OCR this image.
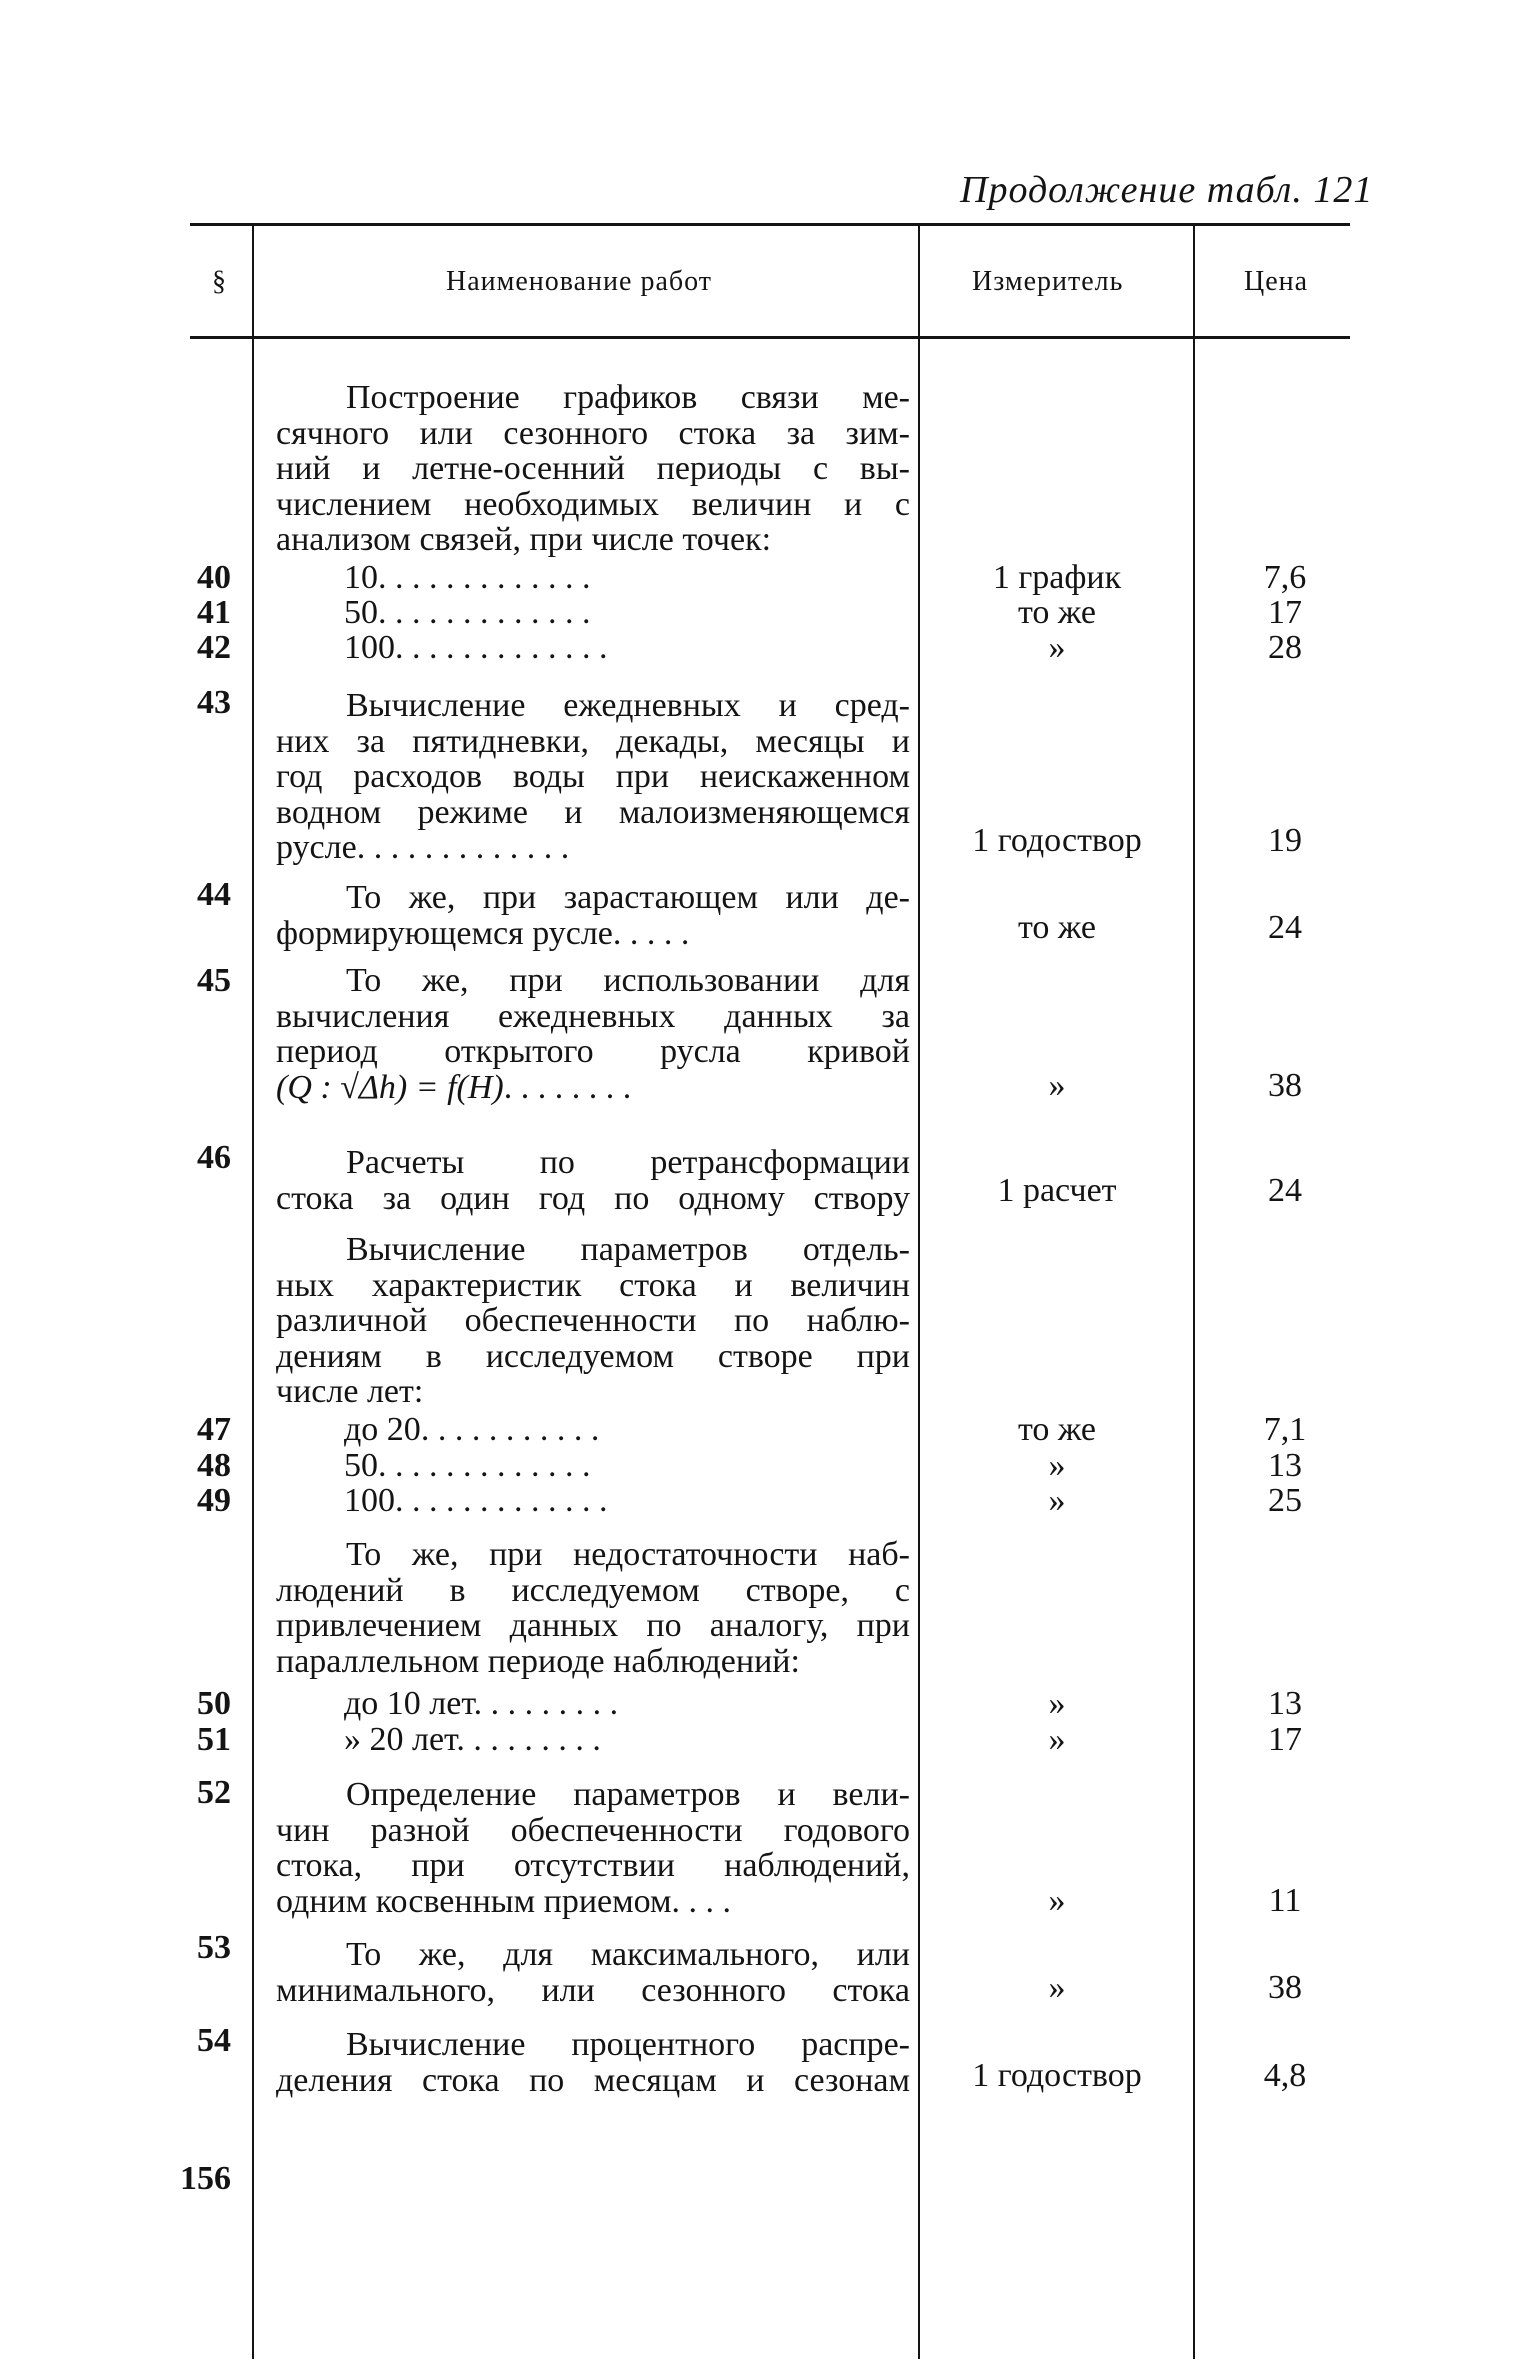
Продолжение табл. 121
§	Наименование работ	Измеритель	Цена
Построение графиков связи ме-
сячного или сезонного стока за зим-
ний и летне-осенний периоды с вы-
числением необходимых величин и с
анализом связей, при числе точек:
40	10. . . . . . . . . . . . .	1 график	7,6
41	50. . . . . . . . . . . . .	то же	17
42	100. . . . . . . . . . . . .	»	28
43	Вычисление ежедневных и сред-
них за пятидневки, декады, месяцы и
год расходов воды при неискаженном
водном режиме и малоизменяющемся
русле. . . . . . . . . . . . .	1 годоствор	19
44	То же, при зарастающем или де-
формирующемся русле. . . . .	то же	24
45	То же, при использовании для
вычисления ежедневных данных за
период открытого русла кривой
(Q : √Δh) = f(H). . . . . . . .	»	38
46	Расчеты по ретрансформации
стока за один год по одному створу	1 расчет	24
Вычисление параметров отдель-
ных характеристик стока и величин
различной обеспеченности по наблю-
дениям в исследуемом створе при
числе лет:
47	до 20. . . . . . . . . . .	то же	7,1
48	50. . . . . . . . . . . . .	»	13
49	100. . . . . . . . . . . . .	»	25
То же, при недостаточности наб-
людений в исследуемом створе, с
привлечением данных по аналогу, при
параллельном периоде наблюдений:
50	до 10 лет. . . . . . . . .	»	13
51	» 20 лет. . . . . . . . .	»	17
52	Определение параметров и вели-
чин разной обеспеченности годового
стока, при отсутствии наблюдений,
одним косвенным приемом. . . .	»	11
53	То же, для максимального, или
минимального, или сезонного стока	»	38
54	Вычисление процентного распре-
деления стока по месяцам и сезонам	1 годоствор	4,8
156
